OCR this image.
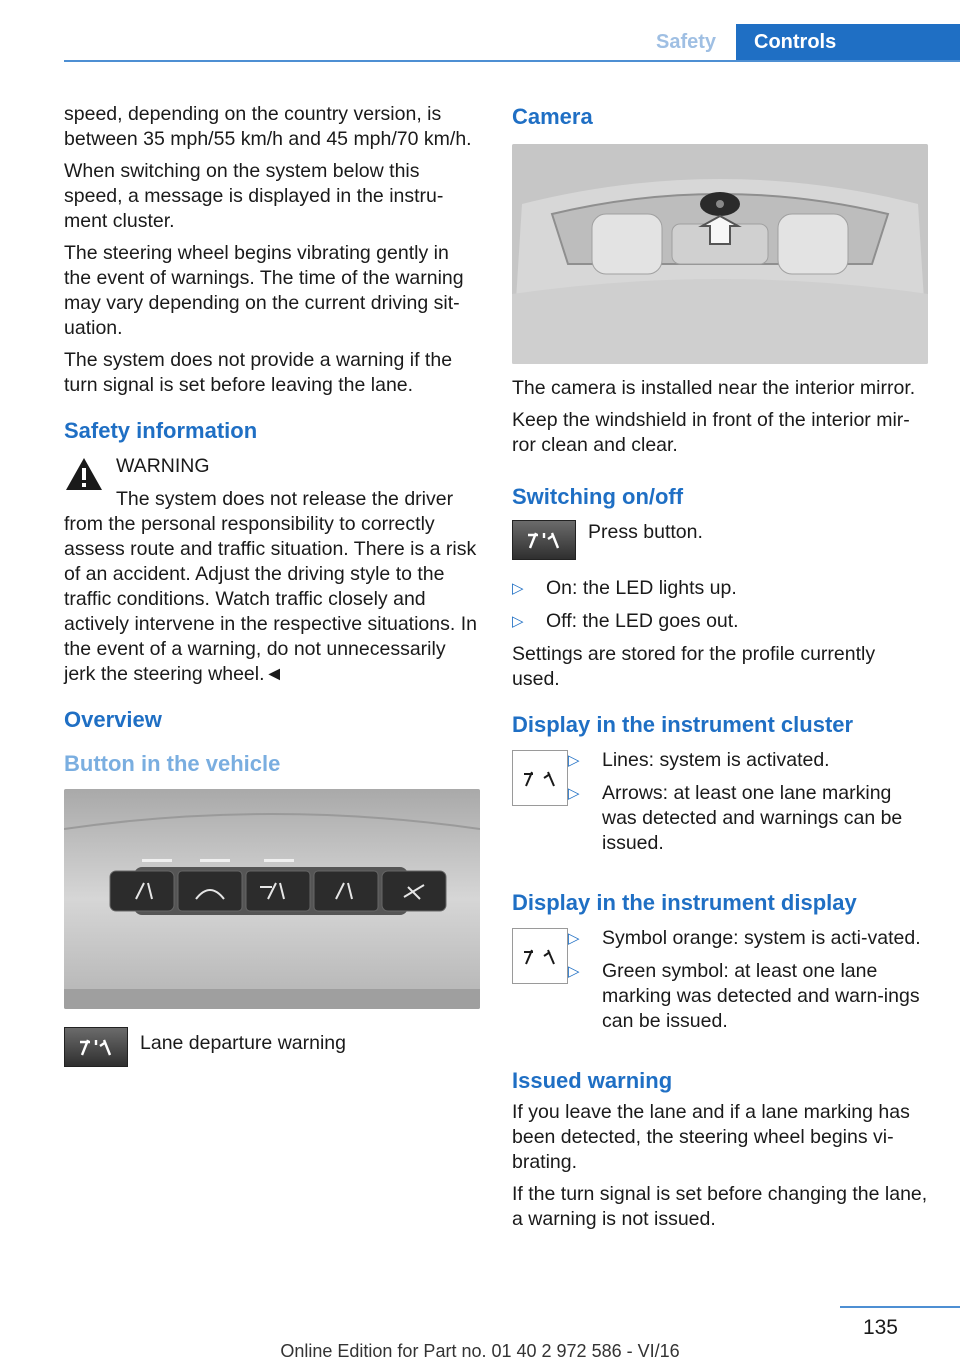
Safety	Controls

speed, depending on the country version, is between 35 mph/55 km/h and 45 mph/70 km/h.

When switching on the system below this speed, a message is displayed in the instru-ment cluster.

The steering wheel begins vibrating gently in the event of warnings. The time of the warning may vary depending on the current driving sit-uation.

The system does not provide a warning if the turn signal is set before leaving the lane.

Safety information
WARNING

The system does not release the driver from the personal responsibility to correctly assess route and traffic situation. There is a risk of an accident. Adjust the driving style to the traffic conditions. Watch traffic closely and actively intervene in the respective situations. In the event of a warning, do not unnecessarily jerk the steering wheel.◄

Overview
Button in the vehicle
Lane departure warning
Camera

The camera is installed near the interior mirror.

Keep the windshield in front of the interior mir-ror clean and clear.

Switching on/off
Press button.
▷ On: the LED lights up.
▷ Off: the LED goes out.

Settings are stored for the profile currently used.

Display in the instrument cluster
▷ Lines: system is activated.
▷ Arrows: at least one lane marking was detected and warnings can be issued.
Display in the instrument display
▷ Symbol orange: system is acti-vated.
▷ Green symbol: at least one lane marking was detected and warn-ings can be issued.
Issued warning

If you leave the lane and if a lane marking has been detected, the steering wheel begins vi-brating.

If the turn signal is set before changing the lane, a warning is not issued.

135
Online Edition for Part no. 01 40 2 972 586 - VI/16
